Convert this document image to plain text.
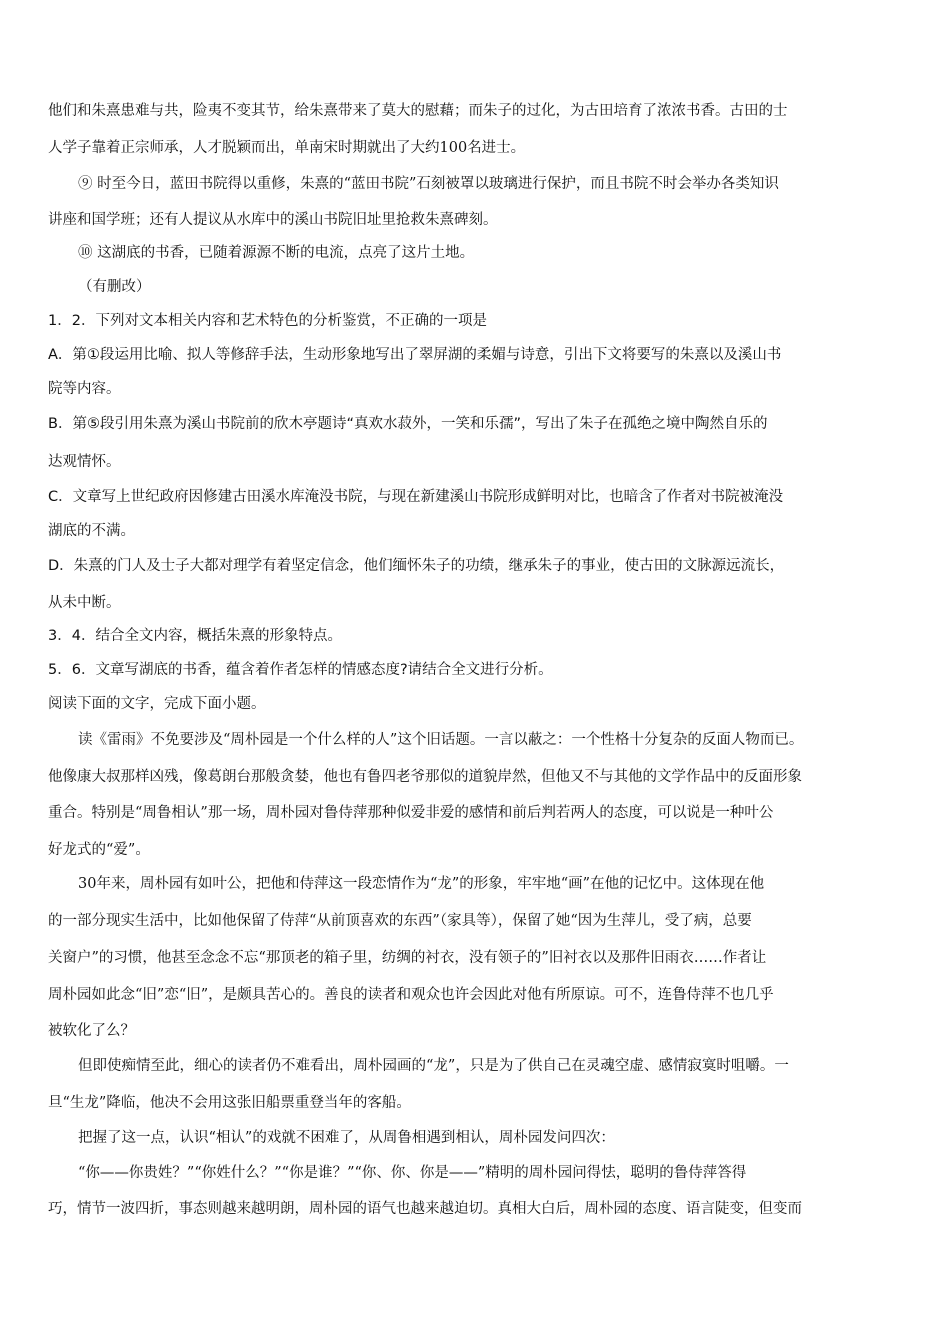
他们和朱熹患难与共，险夷不变其节，给朱熹带来了莫大的慰藉；而朱子的过化，为古田培育了浓浓书香。古田的士
人学子靠着正宗师承，人才脱颖而出，单南宋时期就出了大约100名进士。
⑨ 时至今日，蓝田书院得以重修，朱熹的“蓝田书院”石刻被罩以玻璃进行保护，而且书院不时会举办各类知识
讲座和国学班；还有人提议从水库中的溪山书院旧址里抢救朱熹碑刻。
⑩ 这湖底的书香，已随着源源不断的电流，点亮了这片土地。
（有删改）
1．2．下列对文本相关内容和艺术特色的分析鉴赏，不正确的一项是
A．第①段运用比喻、拟人等修辞手法，生动形象地写出了翠屏湖的柔媚与诗意，引出下文将要写的朱熹以及溪山书
院等内容。
B．第⑤段引用朱熹为溪山书院前的欣木亭题诗“真欢水菽外，一笑和乐孺”，写出了朱子在孤绝之境中陶然自乐的
达观情怀。
C．文章写上世纪政府因修建古田溪水库淹没书院，与现在新建溪山书院形成鲜明对比，也暗含了作者对书院被淹没
湖底的不满。
D．朱熹的门人及士子大都对理学有着坚定信念，他们缅怀朱子的功绩，继承朱子的事业，使古田的文脉源远流长，
从未中断。
3．4．结合全文内容，概括朱熹的形象特点。
5．6．文章写湖底的书香，蕴含着作者怎样的情感态度?请结合全文进行分析。
阅读下面的文字，完成下面小题。
读《雷雨》不免要涉及“周朴园是一个什么样的人”这个旧话题。一言以蔽之：一个性格十分复杂的反面人物而已。
他像康大叔那样凶残，像葛朗台那般贪婪，他也有鲁四老爷那似的道貌岸然，但他又不与其他的文学作品中的反面形象
重合。特别是“周鲁相认”那一场，周朴园对鲁侍萍那种似爱非爱的感情和前后判若两人的态度，可以说是一种叶公
好龙式的“爱”。
30年来，周朴园有如叶公，把他和侍萍这一段恋情作为“龙”的形象，牢牢地“画”在他的记忆中。这体现在他
的一部分现实生活中，比如他保留了侍萍“从前顶喜欢的东西”（家具等），保留了她“因为生萍儿，受了病，总要
关窗户”的习惯，他甚至念念不忘“那顶老的箱子里，纺绸的衬衣，没有领子的”旧衬衣以及那件旧雨衣……作者让
周朴园如此念“旧”恋“旧”，是颇具苦心的。善良的读者和观众也许会因此对他有所原谅。可不，连鲁侍萍不也几乎
被软化了么？
但即使痴情至此，细心的读者仍不难看出，周朴园画的“龙”，只是为了供自己在灵魂空虚、感情寂寞时咀嚼。一
旦“生龙”降临，他决不会用这张旧船票重登当年的客船。
把握了这一点，认识“相认”的戏就不困难了，从周鲁相遇到相认，周朴园发问四次：
“你——你贵姓？”“你姓什么？”“你是谁？”“你、你、你是——”精明的周朴园问得怯，聪明的鲁侍萍答得
巧，情节一波四折，事态则越来越明朗，周朴园的语气也越来越迫切。真相大白后，周朴园的态度、语言陡变，但变而
